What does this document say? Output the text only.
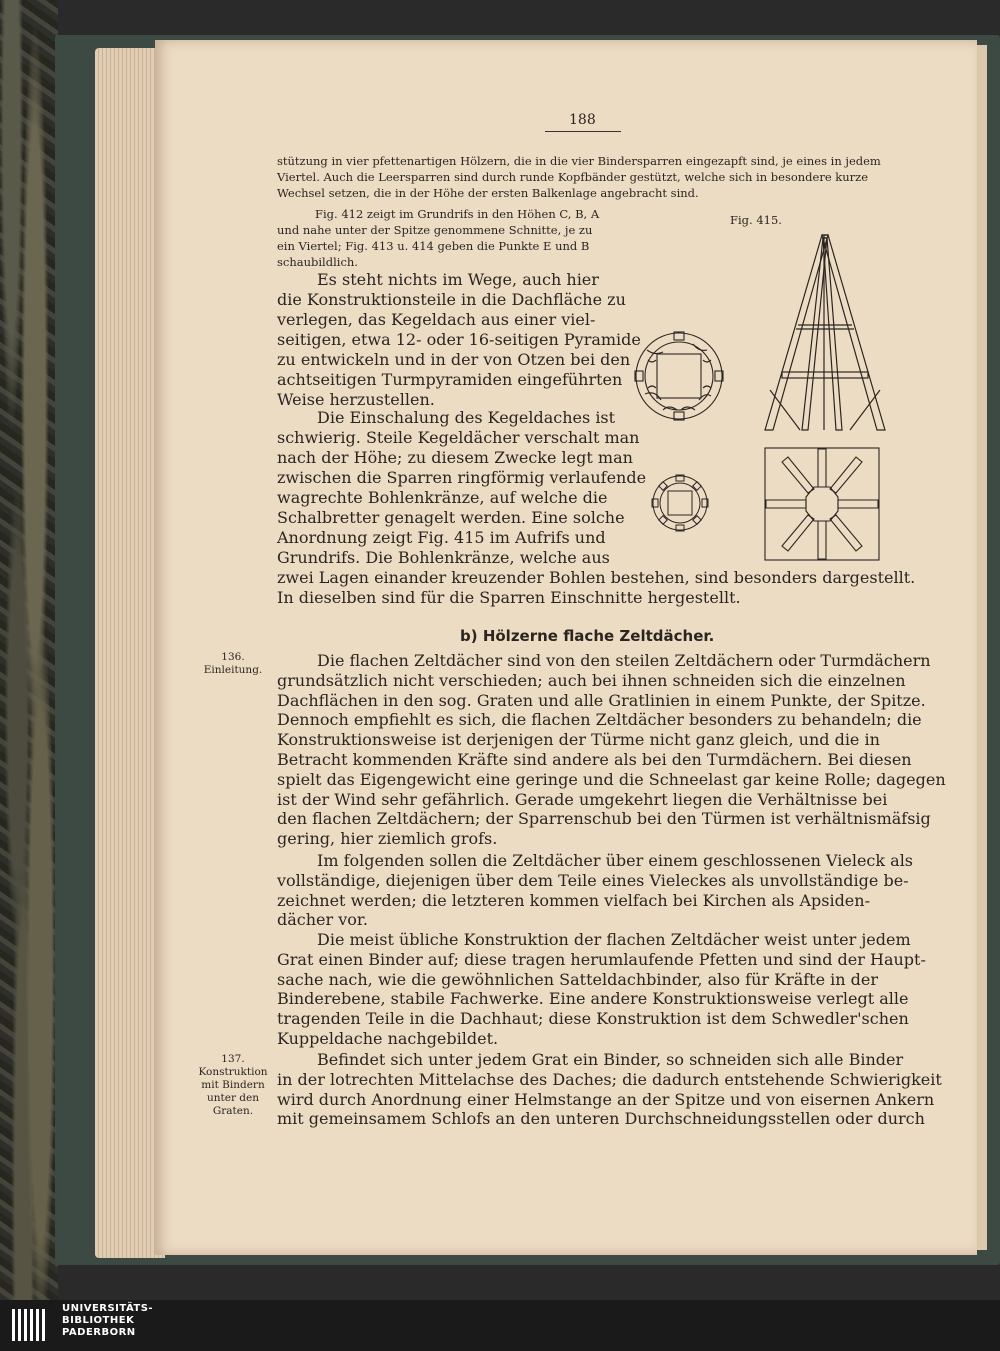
188
stützung in vier pfettenartigen Hölzern, die in die vier Bindersparren eingezapft sind, je eines in jedem
Viertel. Auch die Leersparren sind durch runde Kopfbänder gestützt, welche sich in besondere kurze
Wechsel setzen, die in der Höhe der ersten Balkenlage angebracht sind.
Fig. 412 zeigt im Grundrifs in den Höhen C, B, A
und nahe unter der Spitze genommene Schnitte, je zu
ein Viertel; Fig. 413 u. 414 geben die Punkte E und B
schaubildlich.
Fig. 415.
Es steht nichts im Wege, auch hier
die Konstruktionsteile in die Dachfläche zu
verlegen, das Kegeldach aus einer viel-
seitigen, etwa 12- oder 16-seitigen Pyramide
zu entwickeln und in der von Otzen bei den
achtseitigen Turmpyramiden eingeführten
Weise herzustellen.
Die Einschalung des Kegeldaches ist
schwierig. Steile Kegeldächer verschalt man
nach der Höhe; zu diesem Zwecke legt man
zwischen die Sparren ringförmig verlaufende
wagrechte Bohlenkränze, auf welche die
Schalbretter genagelt werden. Eine solche
Anordnung zeigt Fig. 415 im Aufrifs und
Grundrifs. Die Bohlenkränze, welche aus
zwei Lagen einander kreuzender Bohlen bestehen, sind besonders dargestellt.
In dieselben sind für die Sparren Einschnitte hergestellt.
b) Hölzerne flache Zeltdächer.
136.
Einleitung.	Die flachen Zeltdächer sind von den steilen Zeltdächern oder Turmdächern
grundsätzlich nicht verschieden; auch bei ihnen schneiden sich die einzelnen
Dachflächen in den sog. Graten und alle Gratlinien in einem Punkte, der Spitze.
Dennoch empfiehlt es sich, die flachen Zeltdächer besonders zu behandeln; die
Konstruktionsweise ist derjenigen der Türme nicht ganz gleich, und die in
Betracht kommenden Kräfte sind andere als bei den Turmdächern. Bei diesen
spielt das Eigengewicht eine geringe und die Schneelast gar keine Rolle; dagegen
ist der Wind sehr gefährlich. Gerade umgekehrt liegen die Verhältnisse bei
den flachen Zeltdächern; der Sparrenschub bei den Türmen ist verhältnismäfsig
gering, hier ziemlich grofs.
Im folgenden sollen die Zeltdächer über einem geschlossenen Vieleck als
vollständige, diejenigen über dem Teile eines Vieleckes als unvollständige be-
zeichnet werden; die letzteren kommen vielfach bei Kirchen als Apsiden-
dächer vor.
Die meist übliche Konstruktion der flachen Zeltdächer weist unter jedem
Grat einen Binder auf; diese tragen herumlaufende Pfetten und sind der Haupt-
sache nach, wie die gewöhnlichen Satteldachbinder, also für Kräfte in der
Binderebene, stabile Fachwerke. Eine andere Konstruktionsweise verlegt alle
tragenden Teile in die Dachhaut; diese Konstruktion ist dem Schwedler'schen
Kuppeldache nachgebildet.
137.
Konstruktion
mit Bindern
unter den
Graten.
Befindet sich unter jedem Grat ein Binder, so schneiden sich alle Binder
in der lotrechten Mittelachse des Daches; die dadurch entstehende Schwierigkeit
wird durch Anordnung einer Helmstange an der Spitze und von eisernen Ankern
mit gemeinsamem Schlofs an den unteren Durchschneidungsstellen oder durch
UNIVERSITÄTS-
BIBLIOTHEK
PADERBORN
